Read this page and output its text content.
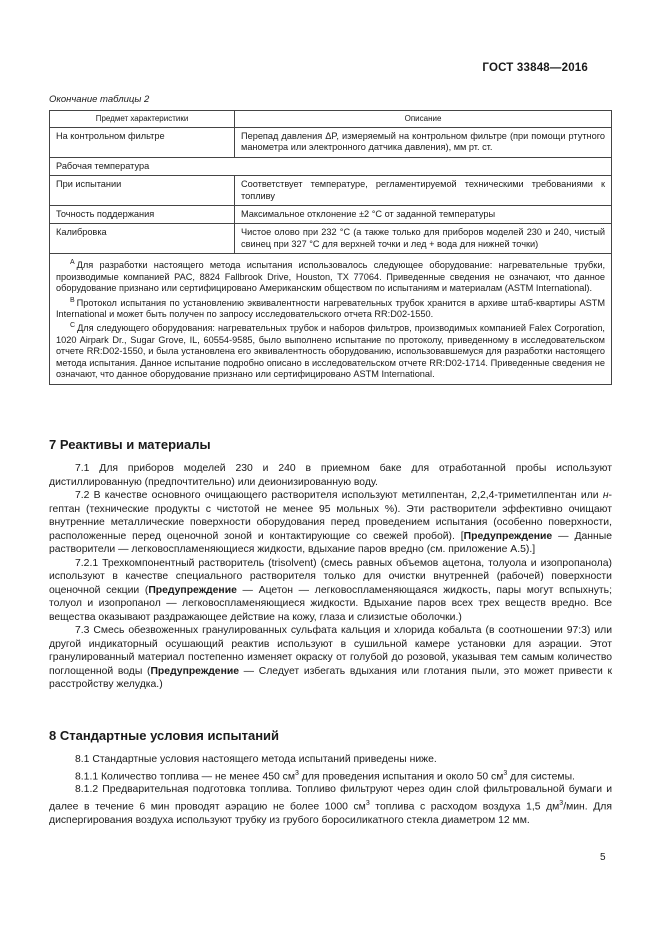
ГОСТ 33848—2016
Окончание таблицы 2
Предмет характеристики	Описание
На контрольном фильтре	Перепад давления ΔP, измеряемый на контрольном фильтре (при помощи ртутного манометра или электронного датчика давления), мм рт. ст.
Рабочая температура	
При испытании	Соответствует температуре, регламентируемой техническими требованиями к топливу
Точность поддержания	Максимальное отклонение ±2 °C от заданной температуры
Калибровка	Чистое олово при 232 °C (а также только для приборов моделей 230 и 240, чистый свинец при 327 °C для верхней точки и лед + вода для нижней точки)

$^A$ Для разработки настоящего метода испытания использовалось следующее оборудование: нагревательные трубки, производимые компанией PAC, 8824 Fallbrook Drive, Houston, TX 77064. Приведенные сведения не означают, что данное оборудование признано или сертифицировано Американским обществом по испытаниям и материалам (ASTM International).

$^B$ Протокол испытания по установлению эквивалентности нагревательных трубок хранится в архиве штаб-квартиры ASTM International и может быть получен по запросу исследовательского отчета RR:D02-1550.

$^C$ Для следующего оборудования: нагревательных трубок и наборов фильтров, производимых компанией Falex Corporation, 1020 Airpark Dr., Sugar Grove, IL, 60554-9585, было выполнено испытание по протоколу, приведенному в исследовательском отчете RR:D02-1550, и была установлена его эквивалентность оборудованию, использовавшемуся для разработки настоящего метода испытания. Данное испытание подробно описано в исследовательском отчете RR:D02-1714. Приведенные сведения не означают, что данное оборудование признано или сертифицировано ASTM International.	

7 Реактивы и материалы

7.1 Для приборов моделей 230 и 240 в приемном баке для отработанной пробы используют дистиллированную (предпочтительно) или деионизированную воду.

7.2 В качестве основного очищающего растворителя используют метилпентан, 2,2,4-триметилпентан или н-гептан (технические продукты с чистотой не менее 95 мольных %). Эти растворители эффективно очищают внутренние металлические поверхности оборудования перед проведением испытания (особенно поверхности, расположенные перед оценочной зоной и контактирующие со свежей пробой). [Предупреждение — Данные растворители — легковоспламеняющиеся жидкости, вдыхание паров вредно (см. приложение А.5).]

7.2.1 Трехкомпонентный растворитель (trisolvent) (смесь равных объемов ацетона, толуола и изопропанола) используют в качестве специального растворителя только для очистки внутренней (рабочей) поверхности оценочной секции (Предупреждение — Ацетон — легковоспламеняющаяся жидкость, пары могут вспыхнуть; толуол и изопропанол — легковоспламеняющиеся жидкости. Вдыхание паров всех трех веществ вредно. Все вещества оказывают раздражающее действие на кожу, глаза и слизистые оболочки.)

7.3 Смесь обезвоженных гранулированных сульфата кальция и хлорида кобальта (в соотношении 97:3) или другой индикаторный осушающий реактив используют в сушильной камере установки для аэрации. Этот гранулированный материал постепенно изменяет окраску от голубой до розовой, указывая тем самым количество поглощенной воды (Предупреждение — Следует избегать вдыхания или глотания пыли, это может привести к расстройству желудка.)

8 Стандартные условия испытаний

8.1 Стандартные условия настоящего метода испытаний приведены ниже.

8.1.1 Количество топлива — не менее 450 $см^3$ для проведения испытания и около 50 $см^3$ для системы.

8.1.2 Предварительная подготовка топлива. Топливо фильтруют через один слой фильтровальной бумаги и далее в течение 6 мин проводят аэрацию не более 1000 $см^3$ топлива с расходом воздуха 1,5 $дм^3$/мин. Для диспергирования воздуха используют трубку из грубого боросиликатного стекла диаметром 12 мм.

5
